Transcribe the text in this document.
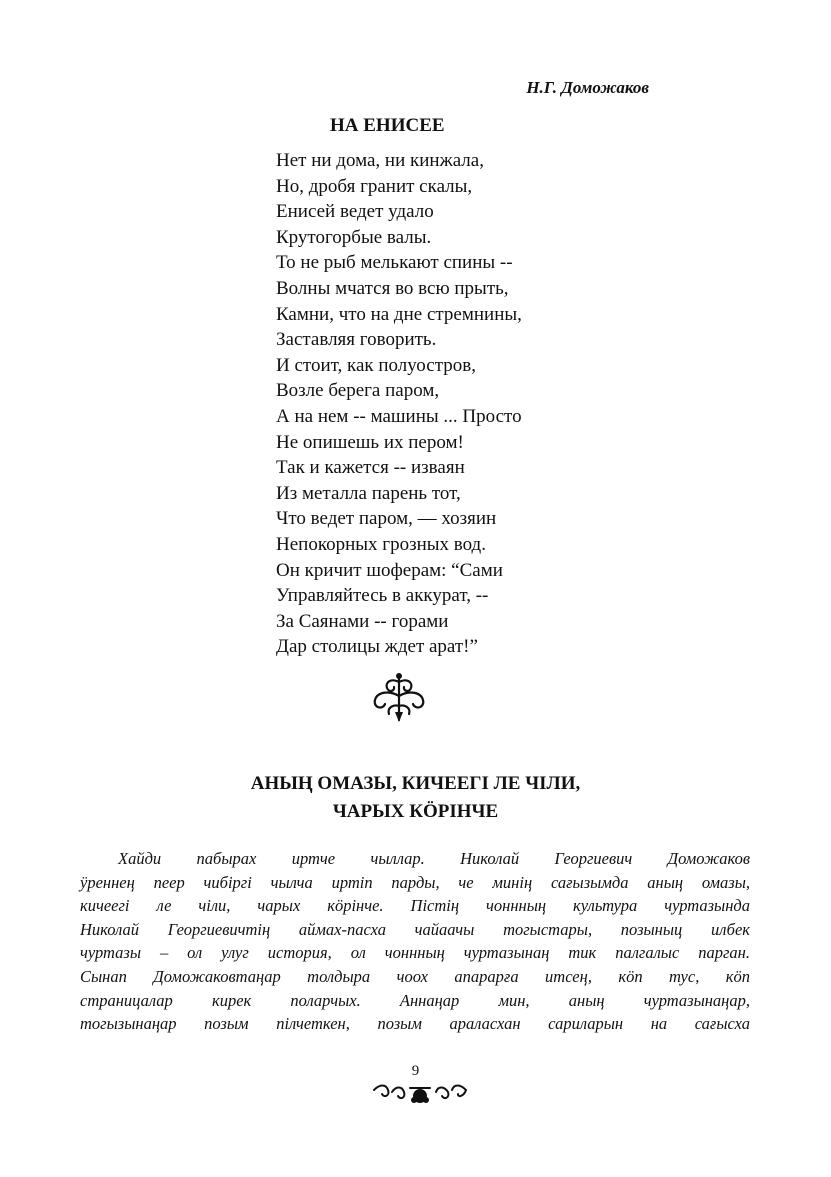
Н.Г. Доможаков
НА ЕНИСЕЕ
Нет ни дома, ни кинжала,
Но, дробя гранит скалы,
Енисей ведет удало
Крутогорбые валы.
То не рыб мелькают спины --
Волны мчатся во всю прыть,
Камни, что на дне стремнины,
Заставляя говорить.
И стоит, как полуостров,
Возле берега паром,
А на нем -- машины ... Просто
Не опишешь их пером!
Так и кажется -- изваян
Из металла парень тот,
Что ведет паром, — хозяин
Непокорных грозных вод.
Он кричит шоферам: “Сами
Управляйтесь в аккурат, --
За Саянами -- горами
Дар столицы ждет арат!”
АНЫҢ ОМАЗЫ, КИЧЕЕГІ ЛЕ ЧІЛИ,
ЧАРЫХ КӦРІНЧЕ
Хайди пабырах иртче чыллар. Николай Георгиевич Доможаков
ӱреннең пеер чибіргі чылча иртіп парды, че минің сағызымда аның омазы,
кичеегі ле чіли, чарых кӧрінче. Пістің чоннның культура чуртазында
Николай Георгиевичтің аймах-пасха чайаачы тогыстары, позыныц илбек
чуртазы – ол улуг история, ол чоннның чуртазынаң тик палгалыс парган.
Сынап Доможаковтаңар толдыра чоох апарарға итсең, кӧп тус, кӧп
страницалар кирек поларчых. Аннаңар мин, аның чуртазынаңар,
тогызынаңар позым пілчеткен, позым араласхан сариларын на сағысха
9
